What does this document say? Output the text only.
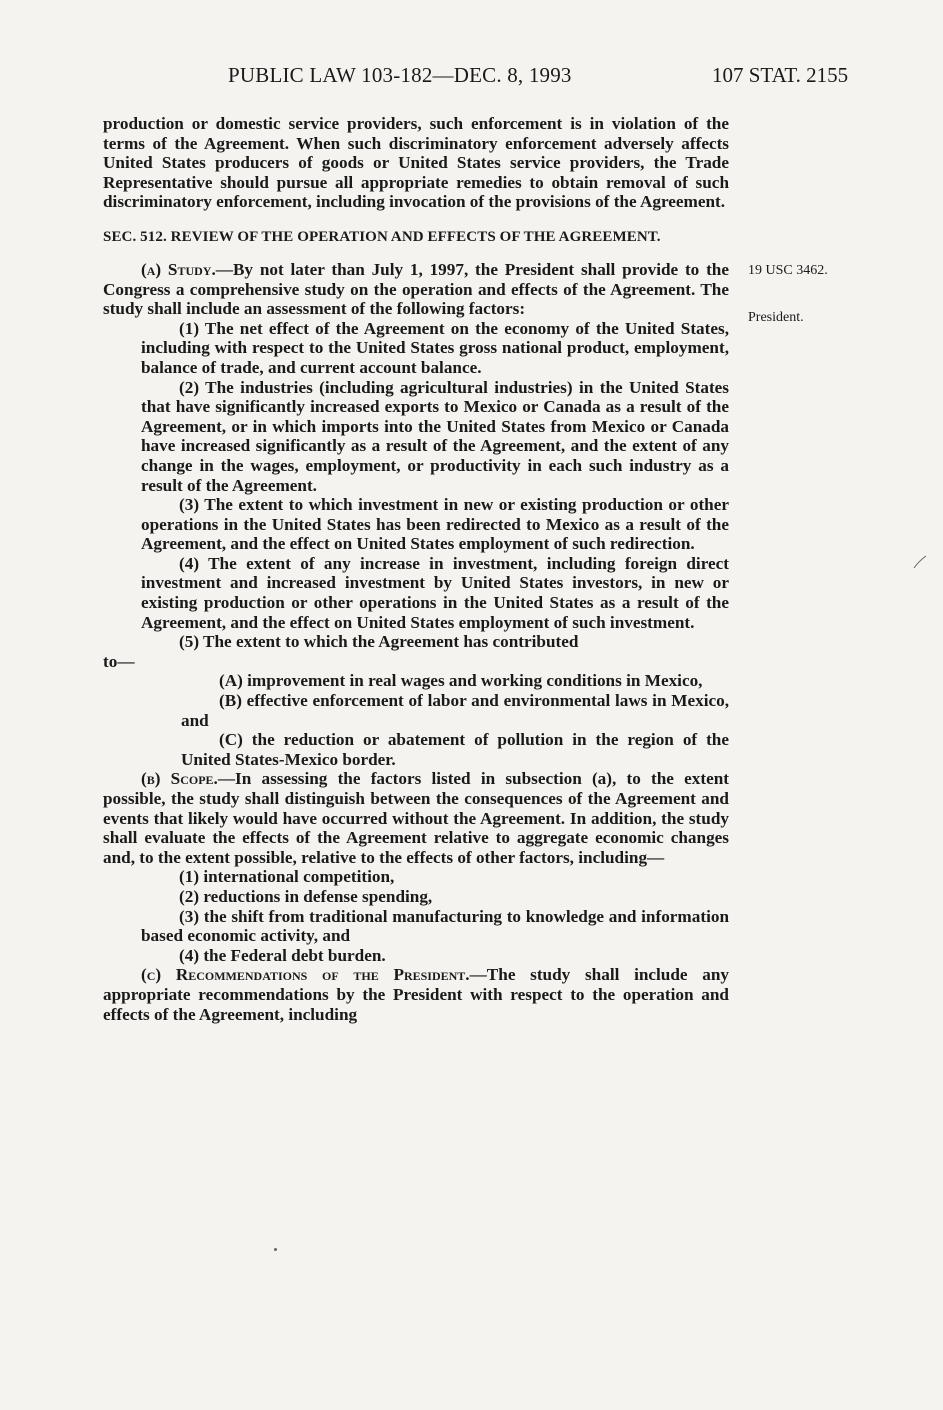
PUBLIC LAW 103-182—DEC. 8, 1993	107 STAT. 2155
19 USC 3462.
President.

production or domestic service providers, such enforcement is in violation of the terms of the Agreement. When such discriminatory enforcement adversely affects United States producers of goods or United States service providers, the Trade Representative should pursue all appropriate remedies to obtain removal of such discriminatory enforcement, including invocation of the provisions of the Agreement.

SEC. 512. REVIEW OF THE OPERATION AND EFFECTS OF THE AGREEMENT.

(a) Study.—By not later than July 1, 1997, the President shall provide to the Congress a comprehensive study on the operation and effects of the Agreement. The study shall include an assessment of the following factors:

(1) The net effect of the Agreement on the economy of the United States, including with respect to the United States gross national product, employment, balance of trade, and current account balance.

(2) The industries (including agricultural industries) in the United States that have significantly increased exports to Mexico or Canada as a result of the Agreement, or in which imports into the United States from Mexico or Canada have increased significantly as a result of the Agreement, and the extent of any change in the wages, employment, or productivity in each such industry as a result of the Agreement.

(3) The extent to which investment in new or existing production or other operations in the United States has been redirected to Mexico as a result of the Agreement, and the effect on United States employment of such redirection.

(4) The extent of any increase in investment, including foreign direct investment and increased investment by United States investors, in new or existing production or other operations in the United States as a result of the Agreement, and the effect on United States employment of such investment.

(5) The extent to which the Agreement has contributed

to—

(A) improvement in real wages and working conditions in Mexico,

(B) effective enforcement of labor and environmental laws in Mexico, and

(C) the reduction or abatement of pollution in the region of the United States-Mexico border.

(b) Scope.—In assessing the factors listed in subsection (a), to the extent possible, the study shall distinguish between the consequences of the Agreement and events that likely would have occurred without the Agreement. In addition, the study shall evaluate the effects of the Agreement relative to aggregate economic changes and, to the extent possible, relative to the effects of other factors, including—

(1) international competition,

(2) reductions in defense spending,

(3) the shift from traditional manufacturing to knowledge and information based economic activity, and

(4) the Federal debt burden.

(c) Recommendations of the President.—The study shall include any appropriate recommendations by the President with respect to the operation and effects of the Agreement, including
